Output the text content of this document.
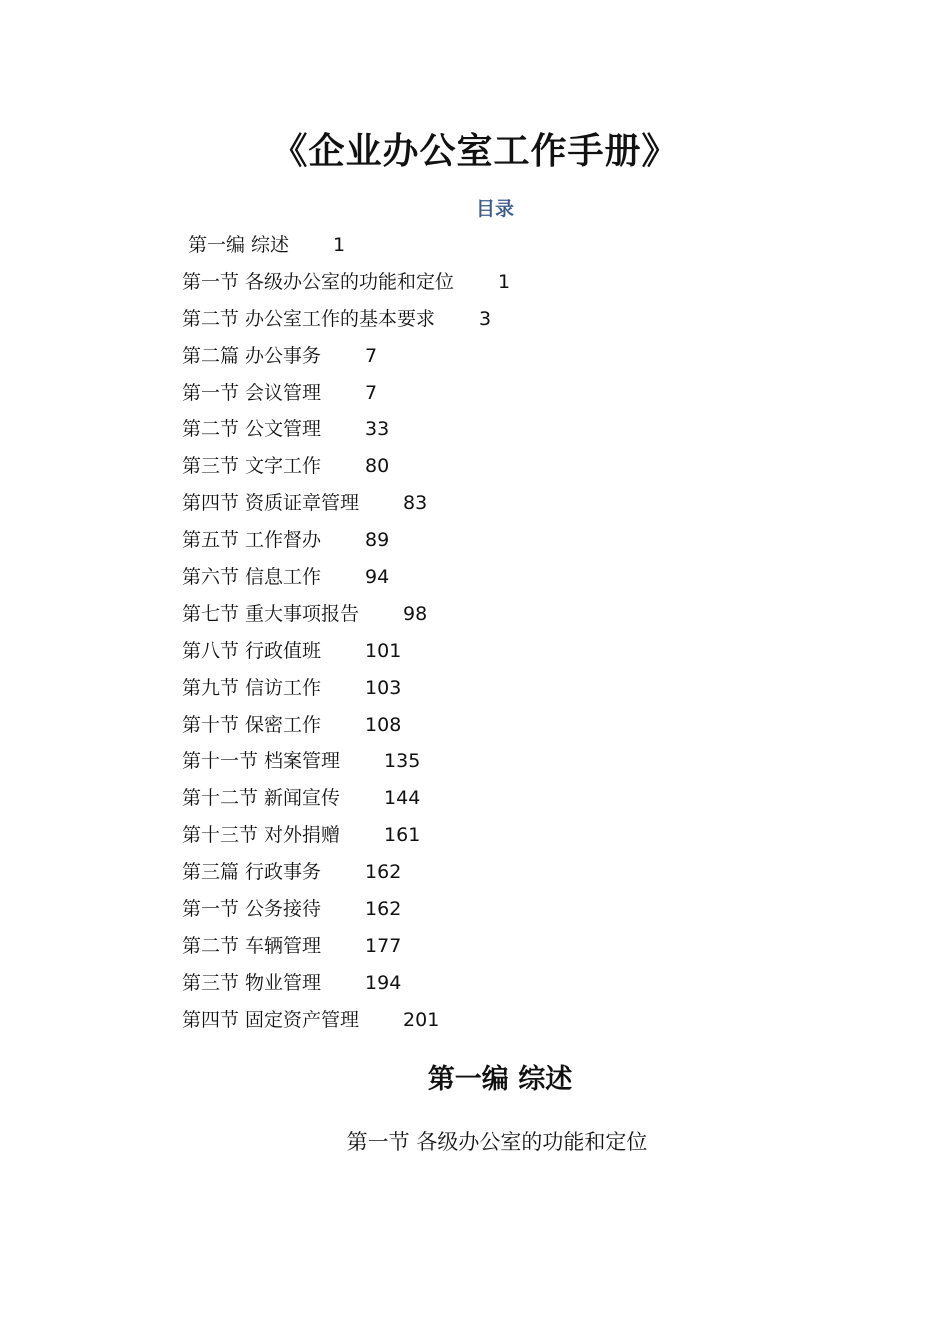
《企业办公室工作手册》
目录
第一编 综述 1
第一节 各级办公室的功能和定位 1
第二节 办公室工作的基本要求 3
第二篇 办公事务 7
第一节 会议管理 7
第二节 公文管理 33
第三节 文字工作 80
第四节 资质证章管理 83
第五节 工作督办 89
第六节 信息工作 94
第七节 重大事项报告 98
第八节 行政值班 101
第九节 信访工作 103
第十节 保密工作 108
第十一节 档案管理 135
第十二节 新闻宣传 144
第十三节 对外捐赠 161
第三篇 行政事务 162
第一节 公务接待 162
第二节 车辆管理 177
第三节 物业管理 194
第四节 固定资产管理 201
第一编 综述
第一节 各级办公室的功能和定位
